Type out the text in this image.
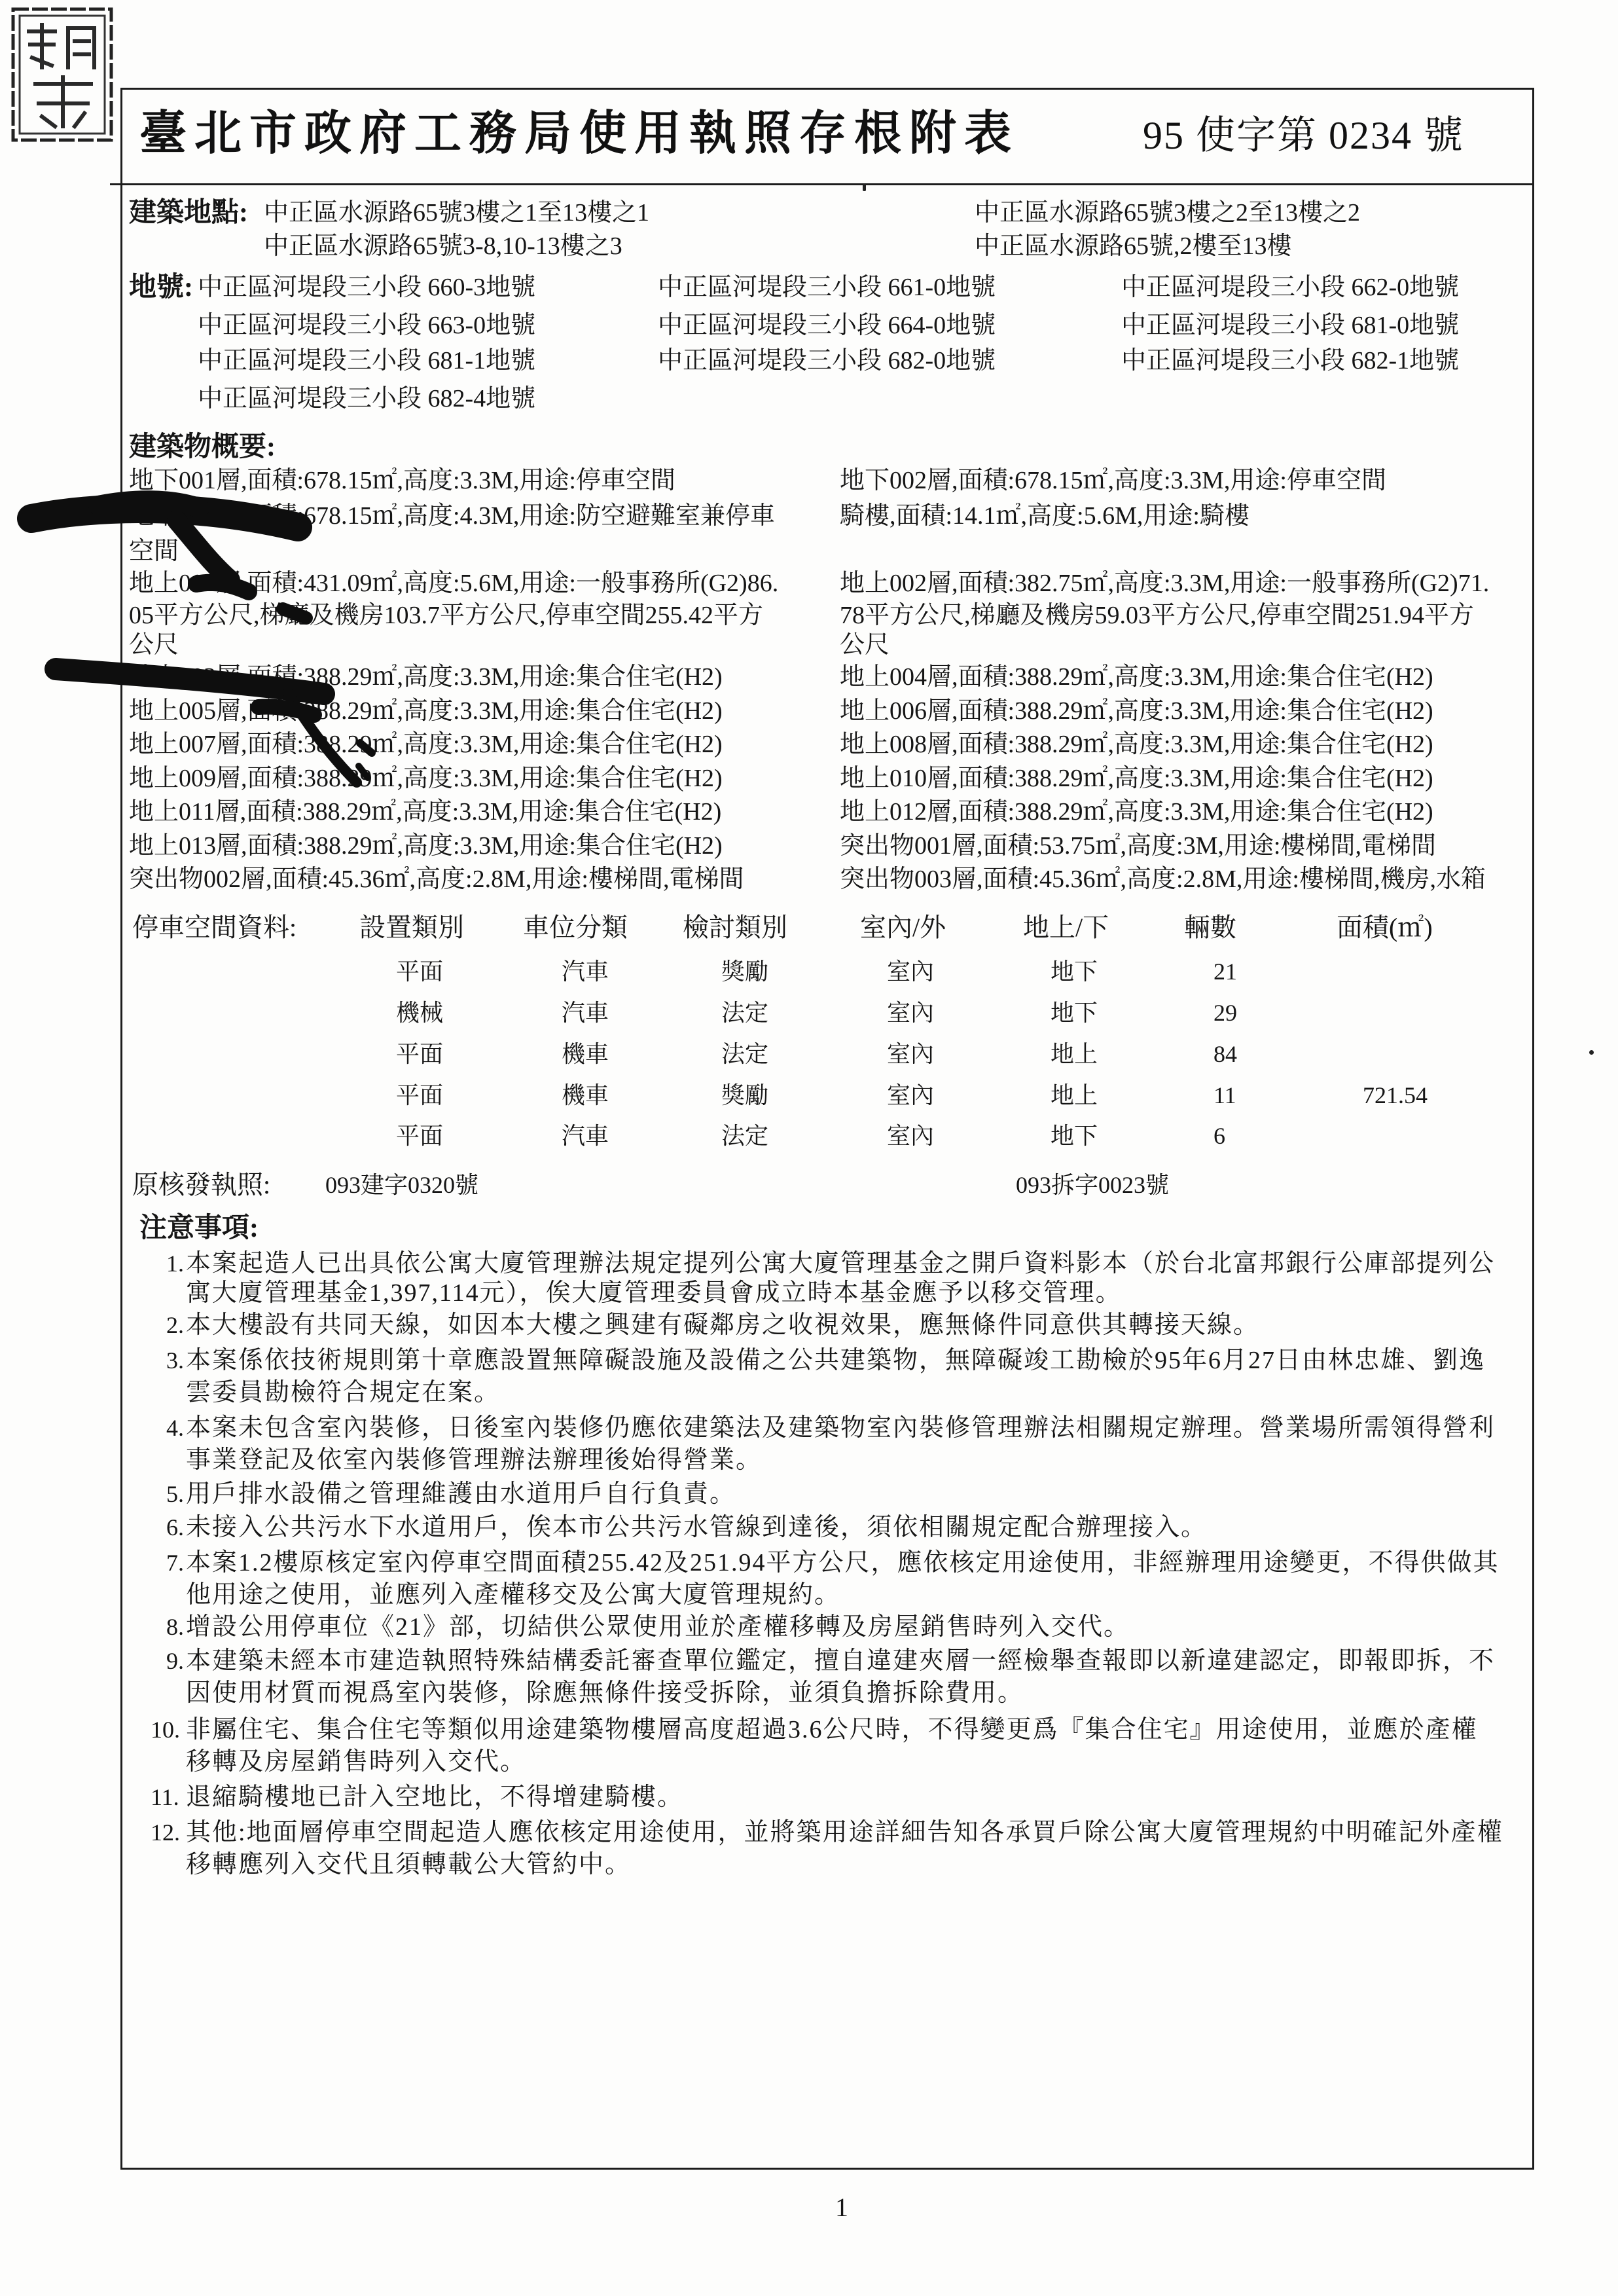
臺北市政府工務局使用執照存根附表	95 使字第 0234 號
建築地點: 中正區水源路65號3樓之1至13樓之1	中正區水源路65號3樓之2至13樓之2
中正區水源路65號3-8,10-13樓之3	中正區水源路65號,2樓至13樓
地號: 中正區河堤段三小段 660-3地號	中正區河堤段三小段 661-0地號	中正區河堤段三小段 662-0地號
中正區河堤段三小段 663-0地號	中正區河堤段三小段 664-0地號	中正區河堤段三小段 681-0地號
中正區河堤段三小段 681-1地號	中正區河堤段三小段 682-0地號	中正區河堤段三小段 682-1地號
中正區河堤段三小段 682-4地號
建築物概要:
地下001層,面積:678.15㎡,高度:3.3M,用途:停車空間	地下002層,面積:678.15㎡,高度:3.3M,用途:停車空間
地下003層,面積:678.15㎡,高度:4.3M,用途:防空避難室兼停車	騎樓,面積:14.1㎡,高度:5.6M,用途:騎樓
空間
地上001層,面積:431.09㎡,高度:5.6M,用途:一般事務所(G2)86. 地上002層,面積:382.75㎡,高度:3.3M,用途:一般事務所(G2)71.
05平方公尺,梯廳及機房103.7平方公尺,停車空間255.42平方	78平方公尺,梯廳及機房59.03平方公尺,停車空間251.94平方
公尺	公尺
地上003層,面積:388.29㎡,高度:3.3M,用途:集合住宅(H2)	地上004層,面積:388.29㎡,高度:3.3M,用途:集合住宅(H2)
地上005層,面積:388.29㎡,高度:3.3M,用途:集合住宅(H2)	地上006層,面積:388.29㎡,高度:3.3M,用途:集合住宅(H2)
地上007層,面積:388.29㎡,高度:3.3M,用途:集合住宅(H2)	地上008層,面積:388.29㎡,高度:3.3M,用途:集合住宅(H2)
地上009層,面積:388.29㎡,高度:3.3M,用途:集合住宅(H2)	地上010層,面積:388.29㎡,高度:3.3M,用途:集合住宅(H2)
地上011層,面積:388.29㎡,高度:3.3M,用途:集合住宅(H2)	地上012層,面積:388.29㎡,高度:3.3M,用途:集合住宅(H2)
地上013層,面積:388.29㎡,高度:3.3M,用途:集合住宅(H2)	突出物001層,面積:53.75㎡,高度:3M,用途:樓梯間,電梯間
突出物002層,面積:45.36㎡,高度:2.8M,用途:樓梯間,電梯間	突出物003層,面積:45.36㎡,高度:2.8M,用途:樓梯間,機房,水箱
停車空間資料: 設置類別 車位分類 檢討類別	室內/外	地上/下	輛數	面積(㎡)
平面	汽車	獎勵	室內	地下	21
機械	汽車	法定	室內	地下	29
平面	機車	法定	室內	地上	84
平面	機車	獎勵	室內	地上	11	721.54
平面	汽車	法定	室內	地下	6
原核發執照: 093建字0320號	093拆字0023號
注意事項:
1. 本案起造人已出具依公寓大廈管理辦法規定提列公寓大廈管理基金之開戶資料影本（於台北富邦銀行公庫部提列公
寓大廈管理基金1,397,114元），俟大廈管理委員會成立時本基金應予以移交管理。
2. 本大樓設有共同天線，如因本大樓之興建有礙鄰房之收視效果，應無條件同意供其轉接天線。
3. 本案係依技術規則第十章應設置無障礙設施及設備之公共建築物，無障礙竣工勘檢於95年6月27日由林忠雄、劉逸
雲委員勘檢符合規定在案。
4. 本案未包含室內裝修，日後室內裝修仍應依建築法及建築物室內裝修管理辦法相關規定辦理。營業場所需領得營利
事業登記及依室內裝修管理辦法辦理後始得營業。
5. 用戶排水設備之管理維護由水道用戶自行負責。
6. 未接入公共污水下水道用戶，俟本市公共污水管線到達後，須依相關規定配合辦理接入。
7. 本案1.2樓原核定室內停車空間面積255.42及251.94平方公尺，應依核定用途使用，非經辦理用途變更，不得供做其
他用途之使用，並應列入產權移交及公寓大廈管理規約。
8. 增設公用停車位《21》部，切結供公眾使用並於產權移轉及房屋銷售時列入交代。
9. 本建築未經本市建造執照特殊結構委託審查單位鑑定，擅自違建夾層一經檢舉查報即以新違建認定，即報即拆，不
因使用材質而視爲室內裝修，除應無條件接受拆除，並須負擔拆除費用。
10. 非屬住宅、集合住宅等類似用途建築物樓層高度超過3.6公尺時，不得變更爲『集合住宅』用途使用，並應於產權
移轉及房屋銷售時列入交代。
11. 退縮騎樓地已計入空地比，不得增建騎樓。
12. 其他:地面層停車空間起造人應依核定用途使用，並將築用途詳細告知各承買戶除公寓大廈管理規約中明確記外產權
移轉應列入交代且須轉載公大管約中。
1
